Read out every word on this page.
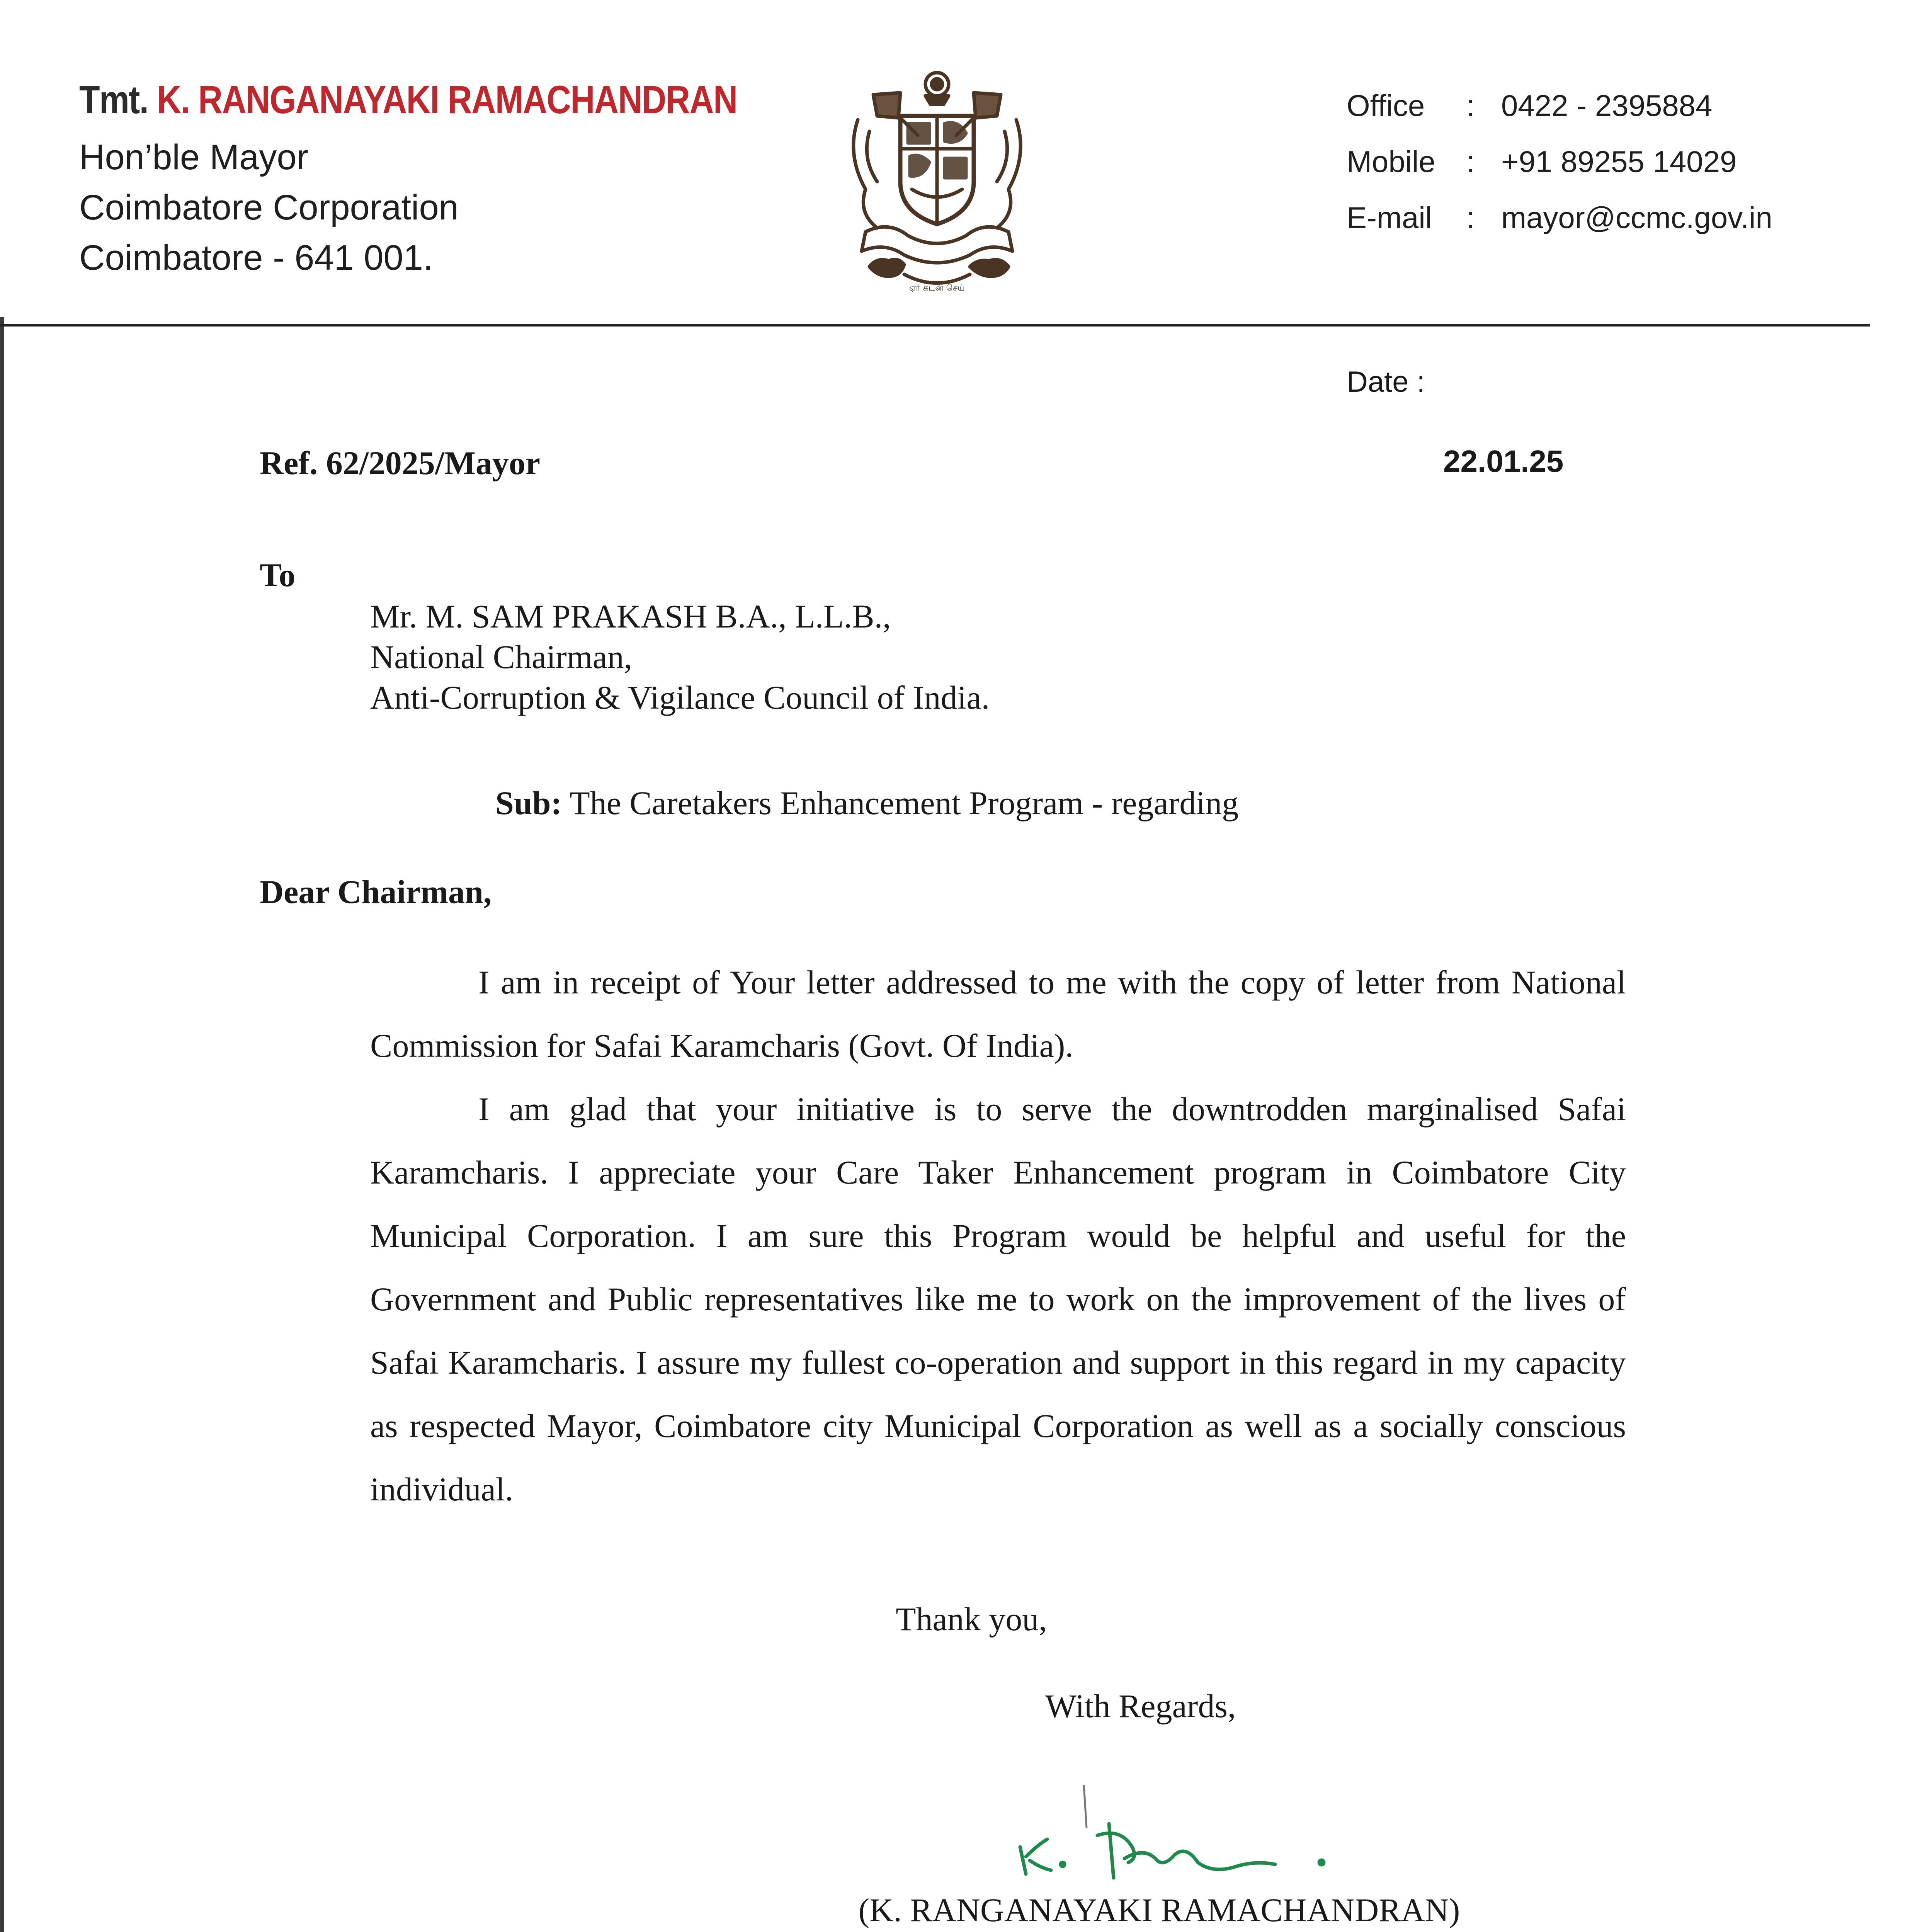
Tmt. K. RANGANAYAKI RAMACHANDRAN
Hon’ble Mayor
Coimbatore Corporation
Coimbatore - 641 001.
ஏர் கடன் செய்
Office : 0422 - 2395884
Mobile : +91 89255 14029
E-mail : mayor@ccmc.gov.in
Date :
Ref. 62/2025/Mayor	22.01.25
To
Mr. M. SAM PRAKASH B.A., L.L.B.,
National Chairman,
Anti-Corruption & Vigilance Council of India.
Sub: The Caretakers Enhancement Program - regarding
Dear Chairman,

I am in receipt of Your letter addressed to me with the copy of letter from National Commission for Safai Karamcharis (Govt. Of India).

I am glad that your initiative is to serve the downtrodden marginalised Safai Karamcharis. I appreciate your Care Taker Enhancement program in Coimbatore City Municipal Corporation. I am sure this Program would be helpful and useful for the Government and Public representatives like me to work on the improvement of the lives of Safai Karamcharis. I assure my fullest co-operation and support in this regard in my capacity as respected Mayor, Coimbatore city Municipal Corporation as well as a socially conscious individual.

Thank you,
With Regards,
(K. RANGANAYAKI RAMACHANDRAN)
